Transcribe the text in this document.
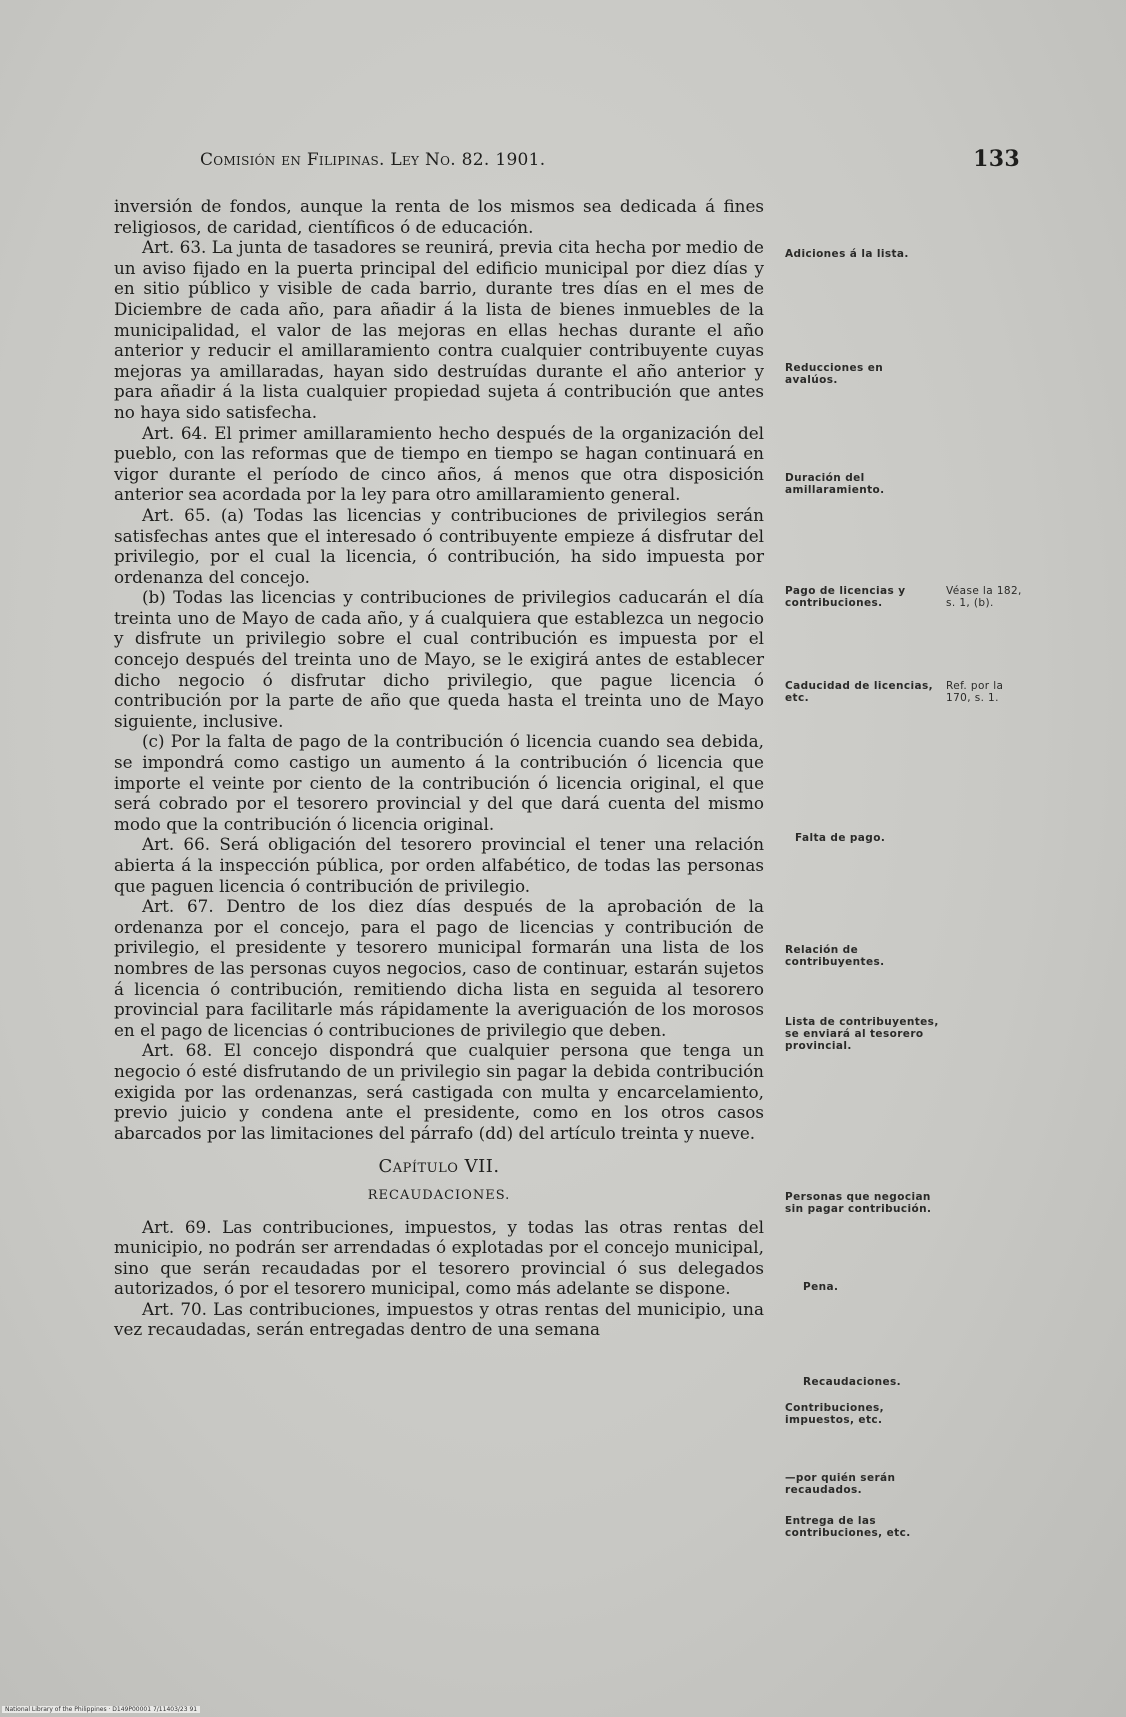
Comisión en Filipinas. Ley No. 82. 1901.	133

inversión de fondos, aunque la renta de los mismos sea dedicada á fines religiosos, de caridad, científicos ó de educación.

Art. 63. La junta de tasadores se reunirá, previa cita hecha por medio de un aviso fijado en la puerta principal del edificio municipal por diez días y en sitio público y visible de cada barrio, durante tres días en el mes de Diciembre de cada año, para añadir á la lista de bienes inmuebles de la municipalidad, el valor de las mejoras en ellas hechas durante el año anterior y reducir el amillaramiento contra cualquier contribuyente cuyas mejoras ya amillaradas, hayan sido destruídas durante el año anterior y para añadir á la lista cualquier propiedad sujeta á contribución que antes no haya sido satisfecha.

Art. 64. El primer amillaramiento hecho después de la organización del pueblo, con las reformas que de tiempo en tiempo se hagan continuará en vigor durante el período de cinco años, á menos que otra disposición anterior sea acordada por la ley para otro amillaramiento general.

Art. 65. (a) Todas las licencias y contribuciones de privilegios serán satisfechas antes que el interesado ó contribuyente empieze á disfrutar del privilegio, por el cual la licencia, ó contribución, ha sido impuesta por ordenanza del concejo.

(b) Todas las licencias y contribuciones de privilegios caducarán el día treinta uno de Mayo de cada año, y á cualquiera que establezca un negocio y disfrute un privilegio sobre el cual contribución es impuesta por el concejo después del treinta uno de Mayo, se le exigirá antes de establecer dicho negocio ó disfrutar dicho privilegio, que pague licencia ó contribución por la parte de año que queda hasta el treinta uno de Mayo siguiente, inclusive.

(c) Por la falta de pago de la contribución ó licencia cuando sea debida, se impondrá como castigo un aumento á la contribución ó licencia que importe el veinte por ciento de la contribución ó licencia original, el que será cobrado por el tesorero provincial y del que dará cuenta del mismo modo que la contribución ó licencia original.

Art. 66. Será obligación del tesorero provincial el tener una relación abierta á la inspección pública, por orden alfabético, de todas las personas que paguen licencia ó contribución de privilegio.

Art. 67. Dentro de los diez días después de la aprobación de la ordenanza por el concejo, para el pago de licencias y contribución de privilegio, el presidente y tesorero municipal formarán una lista de los nombres de las personas cuyos negocios, caso de continuar, estarán sujetos á licencia ó contribución, remitiendo dicha lista en seguida al tesorero provincial para facilitarle más rápidamente la averiguación de los morosos en el pago de licencias ó contribuciones de privilegio que deben.

Art. 68. El concejo dispondrá que cualquier persona que tenga un negocio ó esté disfrutando de un privilegio sin pagar la debida contribución exigida por las ordenanzas, será castigada con multa y encarcelamiento, previo juicio y condena ante el presidente, como en los otros casos abarcados por las limitaciones del párrafo (dd) del artículo treinta y nueve.

Capítulo VII.
RECAUDACIONES.

Art. 69. Las contribuciones, impuestos, y todas las otras rentas del municipio, no podrán ser arrendadas ó explotadas por el concejo municipal, sino que serán recaudadas por el tesorero provincial ó sus delegados autorizados, ó por el tesorero municipal, como más adelante se dispone.

Art. 70. Las contribuciones, impuestos y otras rentas del municipio, una vez recaudadas, serán entregadas dentro de una semana

Adiciones á la lista.
Reducciones en avalúos.
Duración del amillaramiento.
Pago de licencias y contribuciones.
Véase la 182, s. 1, (b).
Caducidad de licencias, etc.
Ref. por la 170, s. 1.
Falta de pago.
Relación de contribuyentes.
Lista de contribuyentes, se enviará al tesorero provincial.
Personas que negocian sin pagar contribución.
Pena.
Recaudaciones.
Contribuciones, impuestos, etc.
—por quién serán recaudados.
Entrega de las contribuciones, etc.
National Library of the Philippines · D149P00001 7/11403/23 91
